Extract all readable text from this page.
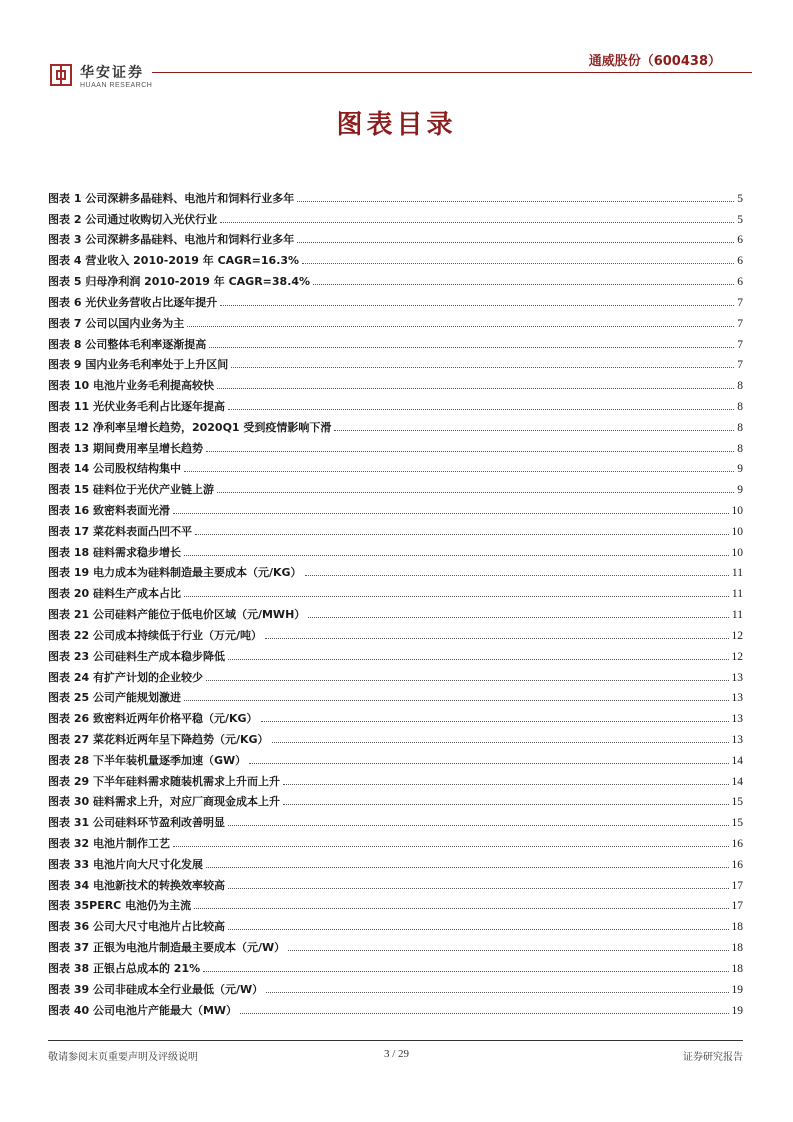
华安证券
HUAAN RESEARCH
通威股份（600438）
图表目录
图表 1 公司深耕多晶硅料、电池片和饲料行业多年	5
图表 2 公司通过收购切入光伏行业	5
图表 3 公司深耕多晶硅料、电池片和饲料行业多年	6
图表 4 营业收入 2010-2019 年 CAGR=16.3%	6
图表 5 归母净利润 2010-2019 年 CAGR=38.4%	6
图表 6 光伏业务营收占比逐年提升	7
图表 7 公司以国内业务为主	7
图表 8 公司整体毛利率逐渐提高	7
图表 9 国内业务毛利率处于上升区间	7
图表 10 电池片业务毛利提高较快	8
图表 11 光伏业务毛利占比逐年提高	8
图表 12 净利率呈增长趋势，2020Q1 受到疫情影响下滑	8
图表 13 期间费用率呈增长趋势	8
图表 14 公司股权结构集中	9
图表 15 硅料位于光伏产业链上游	9
图表 16 致密料表面光滑	10
图表 17 菜花料表面凸凹不平	10
图表 18 硅料需求稳步增长	10
图表 19 电力成本为硅料制造最主要成本（元/KG）	11
图表 20 硅料生产成本占比	11
图表 21 公司硅料产能位于低电价区域（元/MWH）	11
图表 22 公司成本持续低于行业（万元/吨）	12
图表 23 公司硅料生产成本稳步降低	12
图表 24 有扩产计划的企业较少	13
图表 25 公司产能规划激进	13
图表 26 致密料近两年价格平稳（元/KG）	13
图表 27 菜花料近两年呈下降趋势（元/KG）	13
图表 28 下半年装机量逐季加速（GW）	14
图表 29 下半年硅料需求随装机需求上升而上升	14
图表 30 硅料需求上升，对应厂商现金成本上升	15
图表 31 公司硅料环节盈利改善明显	15
图表 32 电池片制作工艺	16
图表 33 电池片向大尺寸化发展	16
图表 34 电池新技术的转换效率较高	17
图表 35PERC 电池仍为主流	17
图表 36 公司大尺寸电池片占比较高	18
图表 37 正银为电池片制造最主要成本（元/W）	18
图表 38 正银占总成本的 21%	18
图表 39 公司非硅成本全行业最低（元/W）	19
图表 40 公司电池片产能最大（MW）	19
敬请参阅末页重要声明及评级说明	3 / 29	证券研究报告
